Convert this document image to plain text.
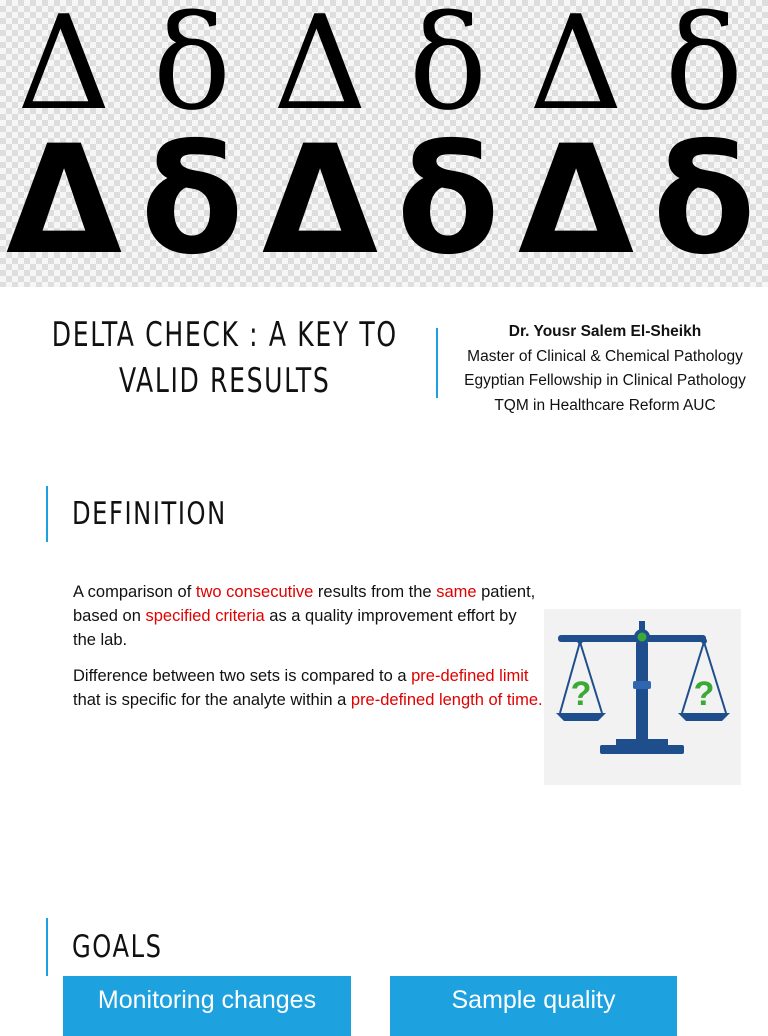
Δ δ Δ δ Δ δ
Δ δ Δ δ Δ δ
DELTA CHECK : A KEY TO
VALID RESULTS
Dr. Yousr Salem El-Sheikh
Master of Clinical & Chemical Pathology
Egyptian Fellowship in Clinical Pathology
TQM in Healthcare Reform AUC
DEFINITION

A comparison of two consecutive results from the same patient, based on specified criteria as a quality improvement effort by the lab.

Difference between two sets is compared to a pre-defined limit that is specific for the analyte within a pre-defined length of time. ?	?
GOALS
Monitoring changes	Sample quality
